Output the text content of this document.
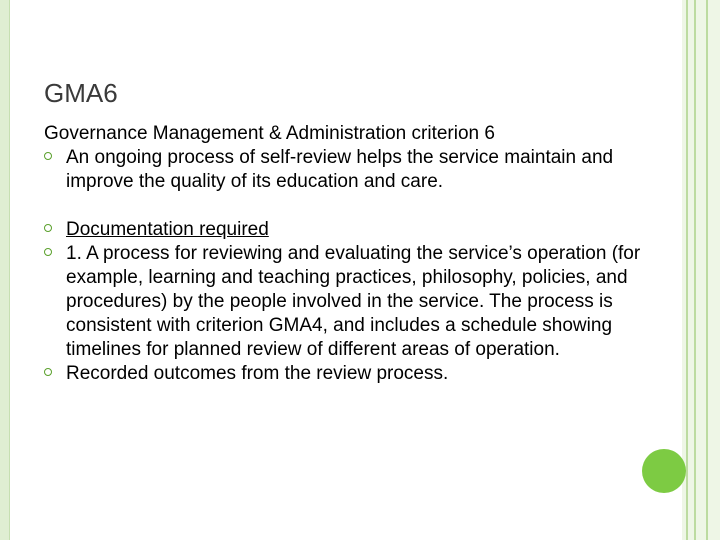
GMA6

Governance Management & Administration criterion 6

An ongoing process of self-review helps the service maintain and improve the quality of its education and care.
Documentation required
1. A process for reviewing and evaluating the service’s operation (for example, learning and teaching practices, philosophy, policies, and procedures) by the people involved in the service. The process is consistent with criterion GMA4, and includes a schedule showing timelines for planned review of different areas of operation.
Recorded outcomes from the review process.
